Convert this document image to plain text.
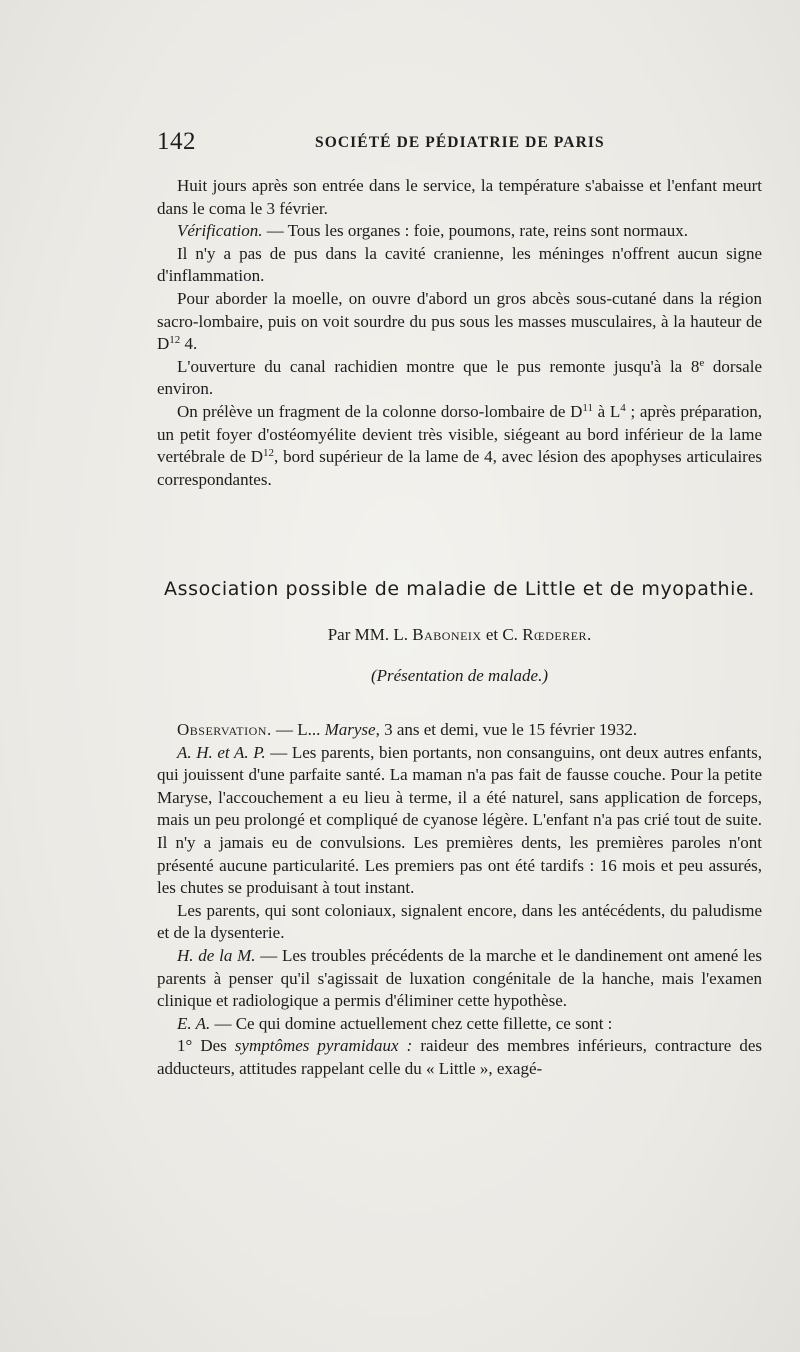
142	SOCIÉTÉ DE PÉDIATRIE DE PARIS

Huit jours après son entrée dans le service, la température s'abaisse et l'enfant meurt dans le coma le 3 février.

Vérification. — Tous les organes : foie, poumons, rate, reins sont normaux.

Il n'y a pas de pus dans la cavité cranienne, les méninges n'offrent aucun signe d'inflammation.

Pour aborder la moelle, on ouvre d'abord un gros abcès sous-cutané dans la région sacro-lombaire, puis on voit sourdre du pus sous les masses musculaires, à la hauteur de $D^{12}$ 4.

L'ouverture du canal rachidien montre que le pus remonte jusqu'à la 8e dorsale environ.

On prélève un fragment de la colonne dorso-lombaire de $D^{11}$ à $L^4$ ; après préparation, un petit foyer d'ostéomyélite devient très visible, siégeant au bord inférieur de la lame vertébrale de $D^{12}$, bord supérieur de la lame de 4, avec lésion des apophyses articulaires correspondantes.

Association possible de maladie de Little et de myopathie.
Par MM. L. Baboneix et C. Rœderer.
(Présentation de malade.)

Observation. — L... Maryse, 3 ans et demi, vue le 15 février 1932.

A. H. et A. P. — Les parents, bien portants, non consanguins, ont deux autres enfants, qui jouissent d'une parfaite santé. La maman n'a pas fait de fausse couche. Pour la petite Maryse, l'accouchement a eu lieu à terme, il a été naturel, sans application de forceps, mais un peu prolongé et compliqué de cyanose légère. L'enfant n'a pas crié tout de suite. Il n'y a jamais eu de convulsions. Les premières dents, les premières paroles n'ont présenté aucune particularité. Les premiers pas ont été tardifs : 16 mois et peu assurés, les chutes se produisant à tout instant.

Les parents, qui sont coloniaux, signalent encore, dans les antécédents, du paludisme et de la dysenterie.

H. de la M. — Les troubles précédents de la marche et le dandinement ont amené les parents à penser qu'il s'agissait de luxation congénitale de la hanche, mais l'examen clinique et radiologique a permis d'éliminer cette hypothèse.

E. A. — Ce qui domine actuellement chez cette fillette, ce sont :

1° Des symptômes pyramidaux : raideur des membres inférieurs, contracture des adducteurs, attitudes rappelant celle du « Little », exagé-
